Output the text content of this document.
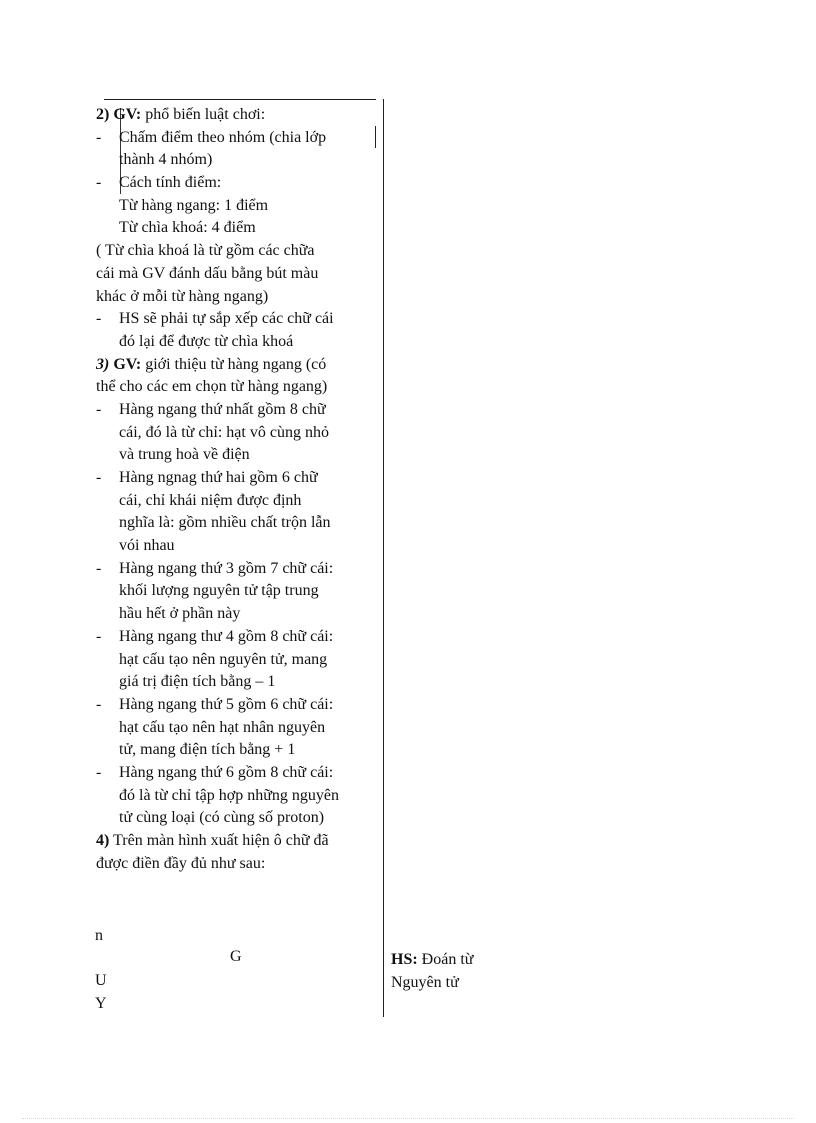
2) GV: phổ biến luật chơi:
- Chấm điểm theo nhóm (chia lớp
thành 4 nhóm)
- Cách tính điểm:
Từ hàng ngang: 1 điểm
Từ chìa khoá: 4 điểm
( Từ chìa khoá là từ gồm các chữa
cái mà GV đánh dấu bằng bút màu
khác ở mỗi từ hàng ngang)
- HS sẽ phải tự sắp xếp các chữ cái
đó lại để được từ chìa khoá
3) GV: giới thiệu từ hàng ngang (có
thể cho các em chọn từ hàng ngang)
- Hàng ngang thứ nhất gồm 8 chữ
cái, đó là từ chỉ: hạt vô cùng nhỏ
và trung hoà về điện
- Hàng ngnag thứ hai gồm 6 chữ
cái, chỉ khái niệm được định
nghĩa là: gồm nhiều chất trộn lẫn
vói nhau
- Hàng ngang thứ 3 gồm 7 chữ cái:
khối lượng nguyên tử tập trung
hầu hết ở phần này
- Hàng ngang thư 4 gồm 8 chữ cái:
hạt cấu tạo nên nguyên tử, mang
giá trị điện tích bằng – 1
- Hàng ngang thứ 5 gồm 6 chữ cái:
hạt cấu tạo nên hạt nhân nguyên
tử, mang điện tích bằng + 1
- Hàng ngang thứ 6 gồm 8 chữ cái:
đó là từ chỉ tập hợp những nguyên
tử cùng loại (có cùng số proton)
4) Trên màn hình xuất hiện ô chữ đã
được điền đầy đủ như sau:
n
G
U
Y
HS: Đoán từ
Nguyên tử
